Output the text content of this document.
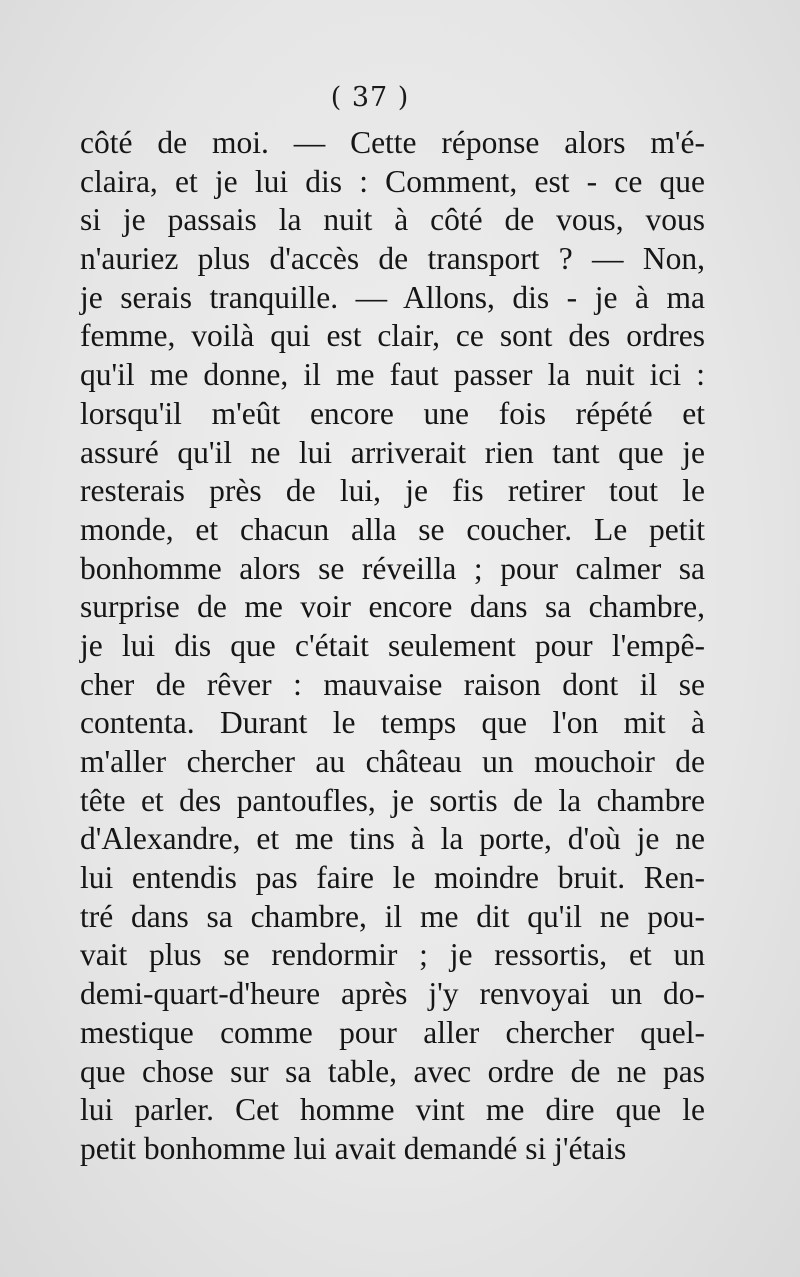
( 37 )
côté de moi. — Cette réponse alors m'é-
claira, et je lui dis : Comment, est - ce que
si je passais la nuit à côté de vous, vous
n'auriez plus d'accès de transport ? — Non,
je serais tranquille. — Allons, dis - je à ma
femme, voilà qui est clair, ce sont des ordres
qu'il me donne, il me faut passer la nuit ici :
lorsqu'il m'eût encore une fois répété et
assuré qu'il ne lui arriverait rien tant que je
resterais près de lui, je fis retirer tout le
monde, et chacun alla se coucher. Le petit
bonhomme alors se réveilla ; pour calmer sa
surprise de me voir encore dans sa chambre,
je lui dis que c'était seulement pour l'empê-
cher de rêver : mauvaise raison dont il se
contenta. Durant le temps que l'on mit à
m'aller chercher au château un mouchoir de
tête et des pantoufles, je sortis de la chambre
d'Alexandre, et me tins à la porte, d'où je ne
lui entendis pas faire le moindre bruit. Ren-
tré dans sa chambre, il me dit qu'il ne pou-
vait plus se rendormir ; je ressortis, et un
demi-quart-d'heure après j'y renvoyai un do-
mestique comme pour aller chercher quel-
que chose sur sa table, avec ordre de ne pas
lui parler. Cet homme vint me dire que le
petit bonhomme lui avait demandé si j'étais
